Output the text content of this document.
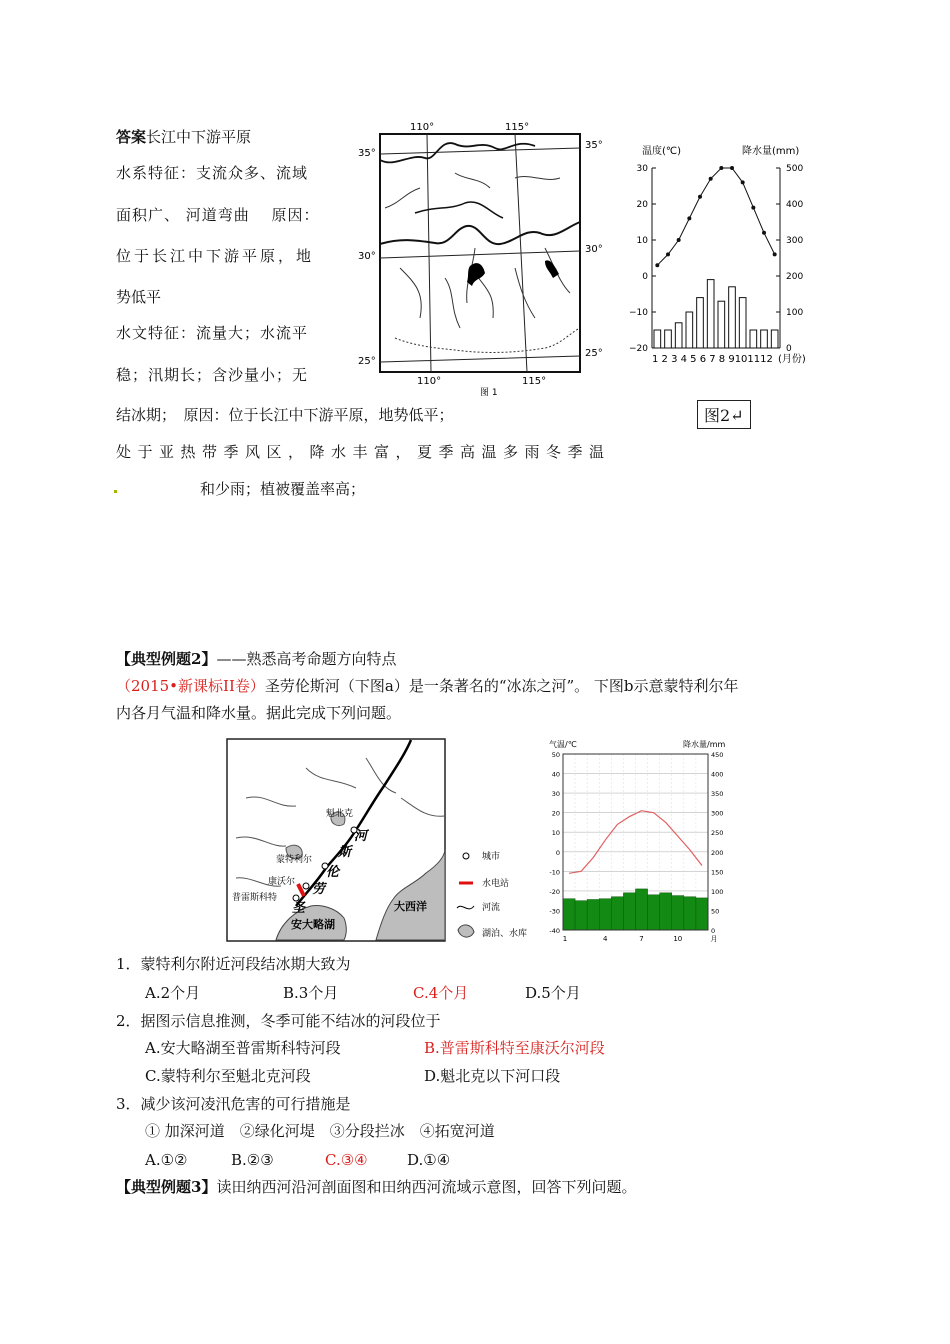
答案长江中下游平原
水系特征：支流众多、流域
面积广、 河道弯曲　 原因：
位于长江中下游平原，地
势低平
水文特征：流量大；水流平
稳；汛期长；含沙量小；无
结冰期；　原因：位于长江中下游平原，地势低平；
处于亚热带季风区，降水丰富，夏季高温多雨冬季温
和少雨；植被覆盖率高；
110°	115°
35°
30°
25°
35°
30°
25°
110°	115°
图 1
温度(℃)	降水量(mm)
30
20
10
0
−10
−20
500
400
300
200
100
0
1 2 3 4 5 6 7 8 9101112 (月份)
图2↵
【典型例题2】——熟悉高考命题方向特点
（2015•新课标II卷）圣劳伦斯河（下图a）是一条著名的“冰冻之河”。 下图b示意蒙特利尔年
内各月气温和降水量。据此完成下列问题。
魁北克
蒙特利尔
康沃尔
普雷斯科特
河
斯
伦
劳
圣
安大略湖
大西洋
城市
水电站
河流
湖泊、水库
气温/℃	降水量/mm
50
40
30
20
10
0
-10
-20
-30
-40
450
400
350
300
250
200
150
100
50
0
1	4	7	10	月
1．蒙特利尔附近河段结冰期大致为
A.2个月	B.3个月	C.4个月	D.5个月
2．据图示信息推测，冬季可能不结冰的河段位于
A.安大略湖至普雷斯科特河段	B.普雷斯科特至康沃尔河段
C.蒙特利尔至魁北克河段	D.魁北克以下河口段
3．减少该河凌汛危害的可行措施是
① 加深河道　②绿化河堤　③分段拦冰　④拓宽河道
A.①②	B.②③	C.③④	D.①④
【典型例题3】读田纳西河沿河剖面图和田纳西河流域示意图，回答下列问题。
